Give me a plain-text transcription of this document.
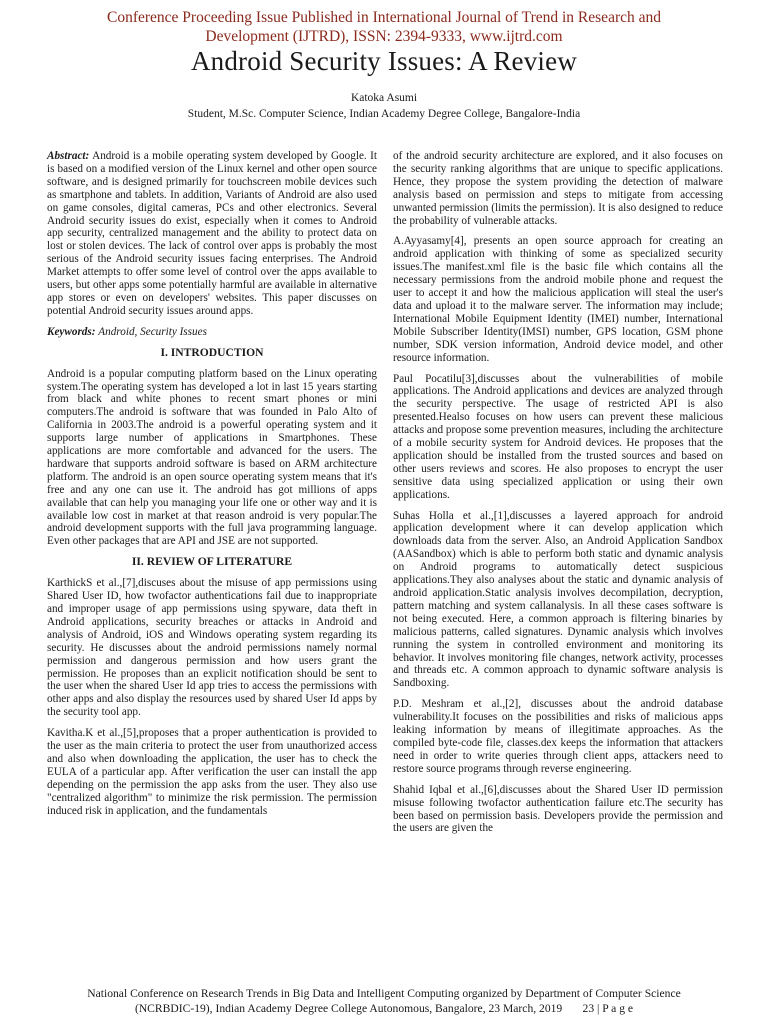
Conference Proceeding Issue Published in International Journal of Trend in Research and

Development (IJTRD), ISSN: 2394-9333, www.ijtrd.com

Android Security Issues: A Review
Katoka Asumi
Student, M.Sc. Computer Science, Indian Academy Degree College, Bangalore-India

Abstract: Android is a mobile operating system developed by Google. It is based on a modified version of the Linux kernel and other open source software, and is designed primarily for touchscreen mobile devices such as smartphone and tablets. In addition, Variants of Android are also used on game consoles, digital cameras, PCs and other electronics. Several Android security issues do exist, especially when it comes to Android app security, centralized management and the ability to protect data on lost or stolen devices. The lack of control over apps is probably the most serious of the Android security issues facing enterprises. The Android Market attempts to offer some level of control over the apps available to users, but other apps some potentially harmful are available in alternative app stores or even on developers' websites. This paper discusses on potential Android security issues around apps.

Keywords: Android, Security Issues

I. INTRODUCTION

Android is a popular computing platform based on the Linux operating system.The operating system has developed a lot in last 15 years starting from black and white phones to recent smart phones or mini computers.The android is software that was founded in Palo Alto of California in 2003.The android is a powerful operating system and it supports large number of applications in Smartphones. These applications are more comfortable and advanced for the users. The hardware that supports android software is based on ARM architecture platform. The android is an open source operating system means that it's free and any one can use it. The android has got millions of apps available that can help you managing your life one or other way and it is available low cost in market at that reason android is very popular.The android development supports with the full java programming language. Even other packages that are API and JSE are not supported.

II. REVIEW OF LITERATURE

KarthickS et al.,[7],discuses about the misuse of app permissions using Shared User ID, how twofactor authentications fail due to inappropriate and improper usage of app permissions using spyware, data theft in Android applications, security breaches or attacks in Android and analysis of Android, iOS and Windows operating system regarding its security. He discusses about the android permissions namely normal permission and dangerous permission and how users grant the permission. He proposes than an explicit notification should be sent to the user when the shared User Id app tries to access the permissions with other apps and also display the resources used by shared User Id apps by the security tool app.

Kavitha.K et al.,[5],proposes that a proper authentication is provided to the user as the main criteria to protect the user from unauthorized access and also when downloading the application, the user has to check the EULA of a particular app. After verification the user can install the app depending on the permission the app asks from the user. They also use "centralized algorithm" to minimize the risk permission. The permission induced risk in application, and the fundamentals

of the android security architecture are explored, and it also focuses on the security ranking algorithms that are unique to specific applications. Hence, they propose the system providing the detection of malware analysis based on permission and steps to mitigate from accessing unwanted permission (limits the permission). It is also designed to reduce the probability of vulnerable attacks.

A.Ayyasamy[4], presents an open source approach for creating an android application with thinking of some as specialized security issues.The manifest.xml file is the basic file which contains all the necessary permissions from the android mobile phone and request the user to accept it and how the malicious application will steal the user's data and upload it to the malware server. The information may include; International Mobile Equipment Identity (IMEI) number, International Mobile Subscriber Identity(IMSI) number, GPS location, GSM phone number, SDK version information, Android device model, and other resource information.

Paul Pocatilu[3],discusses about the vulnerabilities of mobile applications. The Android applications and devices are analyzed through the security perspective. The usage of restricted API is also presented.Healso focuses on how users can prevent these malicious attacks and propose some prevention measures, including the architecture of a mobile security system for Android devices. He proposes that the application should be installed from the trusted sources and based on other users reviews and scores. He also proposes to encrypt the user sensitive data using specialized application or using their own applications.

Suhas Holla et al.,[1],discusses a layered approach for android application development where it can develop application which downloads data from the server. Also, an Android Application Sandbox (AASandbox) which is able to perform both static and dynamic analysis on Android programs to automatically detect suspicious applications.They also analyses about the static and dynamic analysis of android application.Static analysis involves decompilation, decryption, pattern matching and system callanalysis. In all these cases software is not being executed. Here, a common approach is filtering binaries by malicious patterns, called signatures. Dynamic analysis which involves running the system in controlled environment and monitoring its behavior. It involves monitoring file changes, network activity, processes and threads etc. A common approach to dynamic software analysis is Sandboxing.

P.D. Meshram et al.,[2], discusses about the android database vulnerability.It focuses on the possibilities and risks of malicious apps leaking information by means of illegitimate approaches. As the compiled byte-code file, classes.dex keeps the information that attackers need in order to write queries through client apps, attackers need to restore source programs through reverse engineering.

Shahid Iqbal et al.,[6],discusses about the Shared User ID permission misuse following twofactor authentication failure etc.The security has been based on permission basis. Developers provide the permission and the users are given the

National Conference on Research Trends in Big Data and Intelligent Computing organized by Department of Computer Science

(NCRBDIC-19), Indian Academy Degree College Autonomous, Bangalore, 23 March, 2019 23 | P a g e
